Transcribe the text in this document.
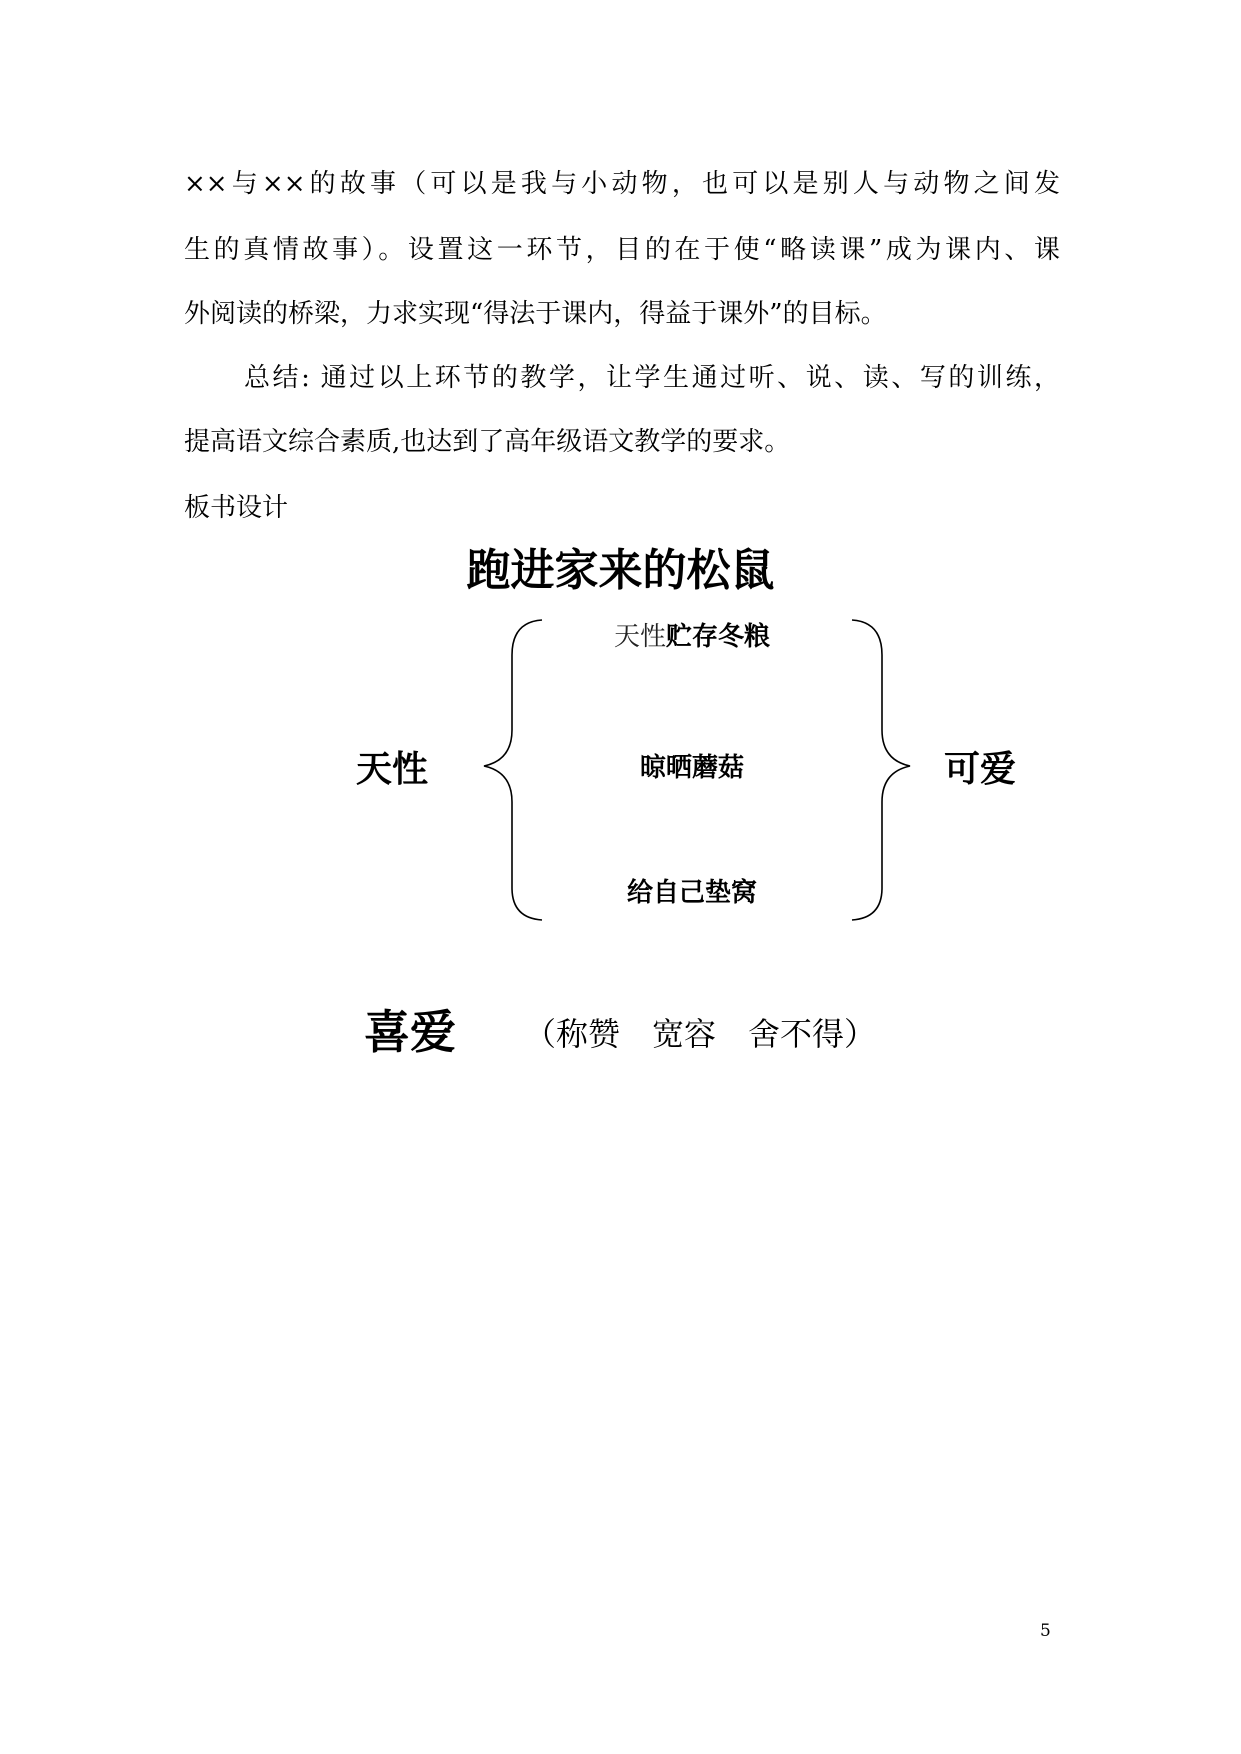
××与××的故事（可以是我与小动物，也可以是别人与动物之间发
生的真情故事）。设置这一环节，目的在于使“略读课”成为课内、课
外阅读的桥梁，力求实现“得法于课内，得益于课外”的目标。
总结: 通过以上环节的教学，让学生通过听、说、读、写的训练，
提高语文综合素质,也达到了高年级语文教学的要求。
板书设计
跑进家来的松鼠
天性	可爱
天性贮存冬粮
晾晒蘑菇
给自己垫窝
喜爱 （称赞　宽容　舍不得）
5
